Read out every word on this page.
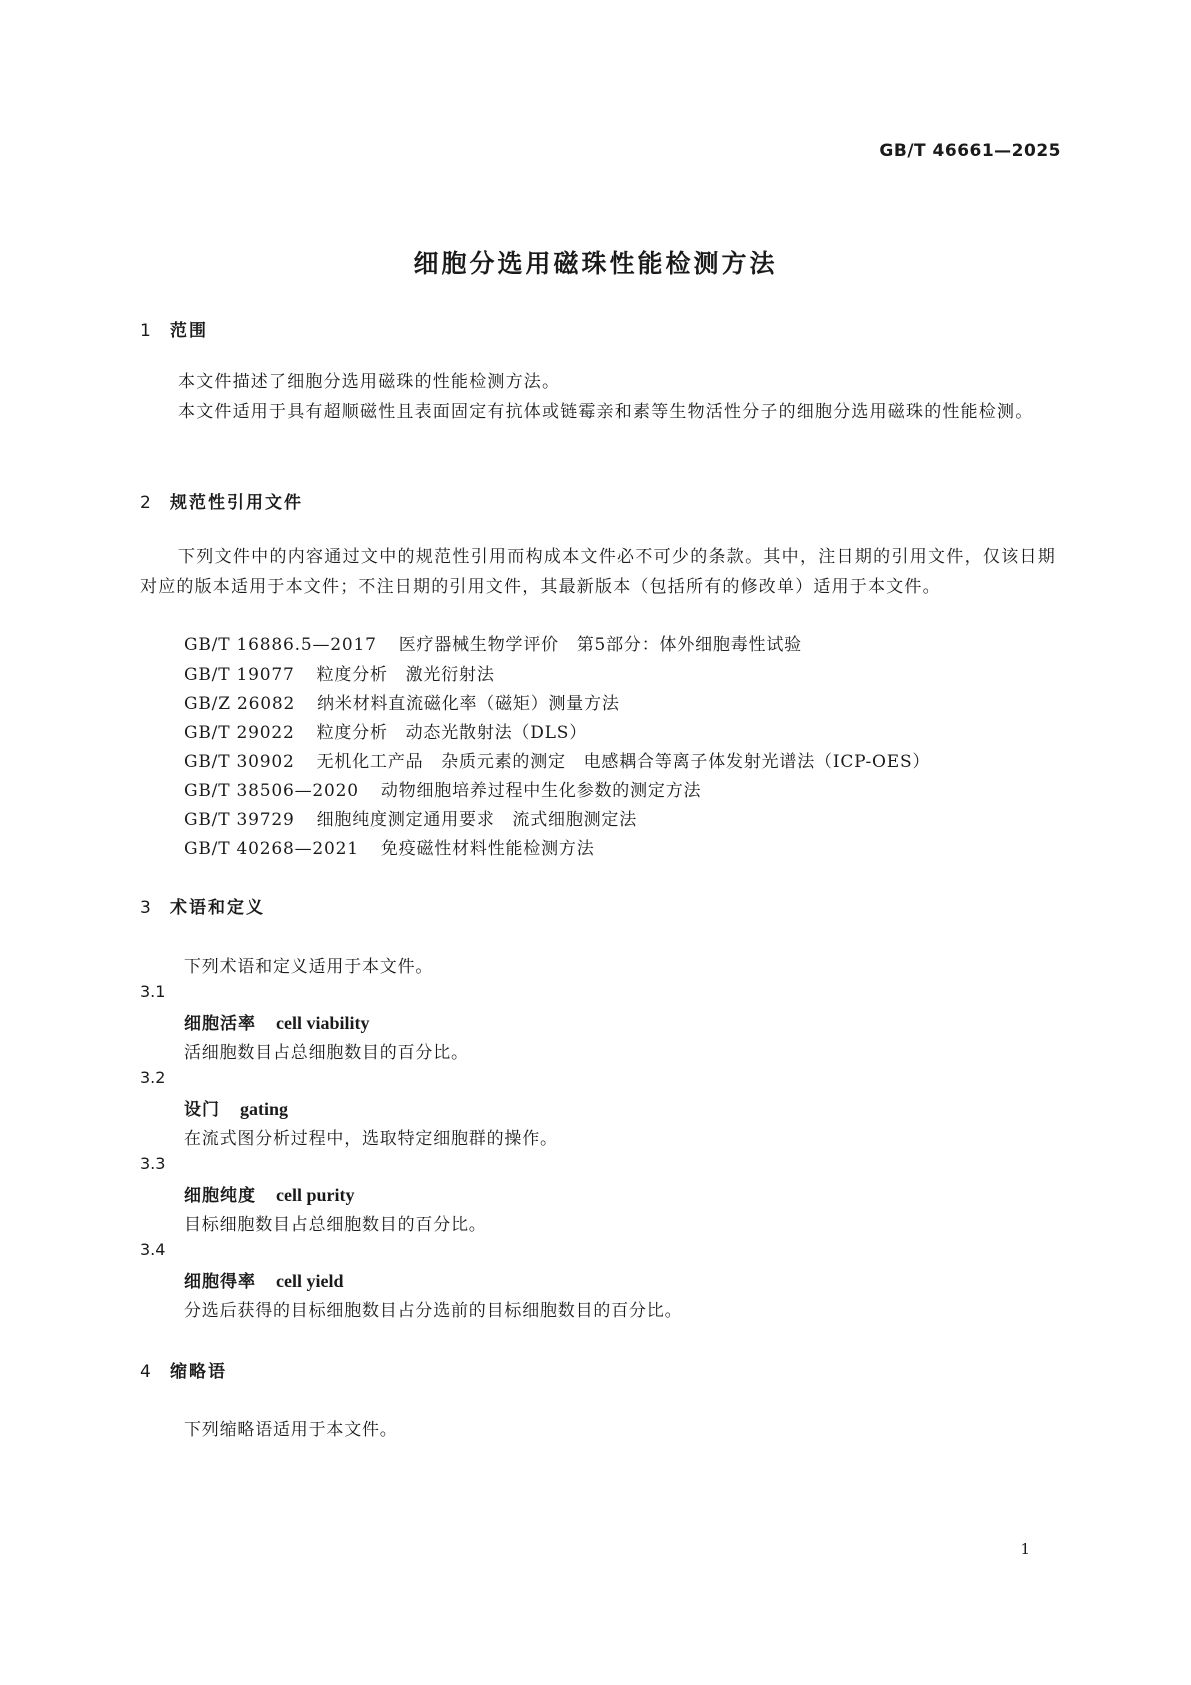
GB/T 46661—2025
细胞分选用磁珠性能检测方法
1 范围
本文件描述了细胞分选用磁珠的性能检测方法。
本文件适用于具有超顺磁性且表面固定有抗体或链霉亲和素等生物活性分子的细胞分选用磁珠的性能检测。
2 规范性引用文件
下列文件中的内容通过文中的规范性引用而构成本文件必不可少的条款。其中，注日期的引用文件，仅该日期对应的版本适用于本文件；不注日期的引用文件，其最新版本（包括所有的修改单）适用于本文件。
GB/T 16886.5—2017 医疗器械生物学评价　第5部分：体外细胞毒性试验
GB/T 19077 粒度分析　激光衍射法
GB/Z 26082 纳米材料直流磁化率（磁矩）测量方法
GB/T 29022 粒度分析　动态光散射法（DLS）
GB/T 30902 无机化工产品　杂质元素的测定　电感耦合等离子体发射光谱法（ICP-OES）
GB/T 38506—2020 动物细胞培养过程中生化参数的测定方法
GB/T 39729 细胞纯度测定通用要求　流式细胞测定法
GB/T 40268—2021 免疫磁性材料性能检测方法
3 术语和定义
下列术语和定义适用于本文件。
3.1
细胞活率 cell viability
活细胞数目占总细胞数目的百分比。
3.2
设门 gating
在流式图分析过程中，选取特定细胞群的操作。
3.3
细胞纯度 cell purity
目标细胞数目占总细胞数目的百分比。
3.4
细胞得率 cell yield
分选后获得的目标细胞数目占分选前的目标细胞数目的百分比。
4 缩略语
下列缩略语适用于本文件。
1
